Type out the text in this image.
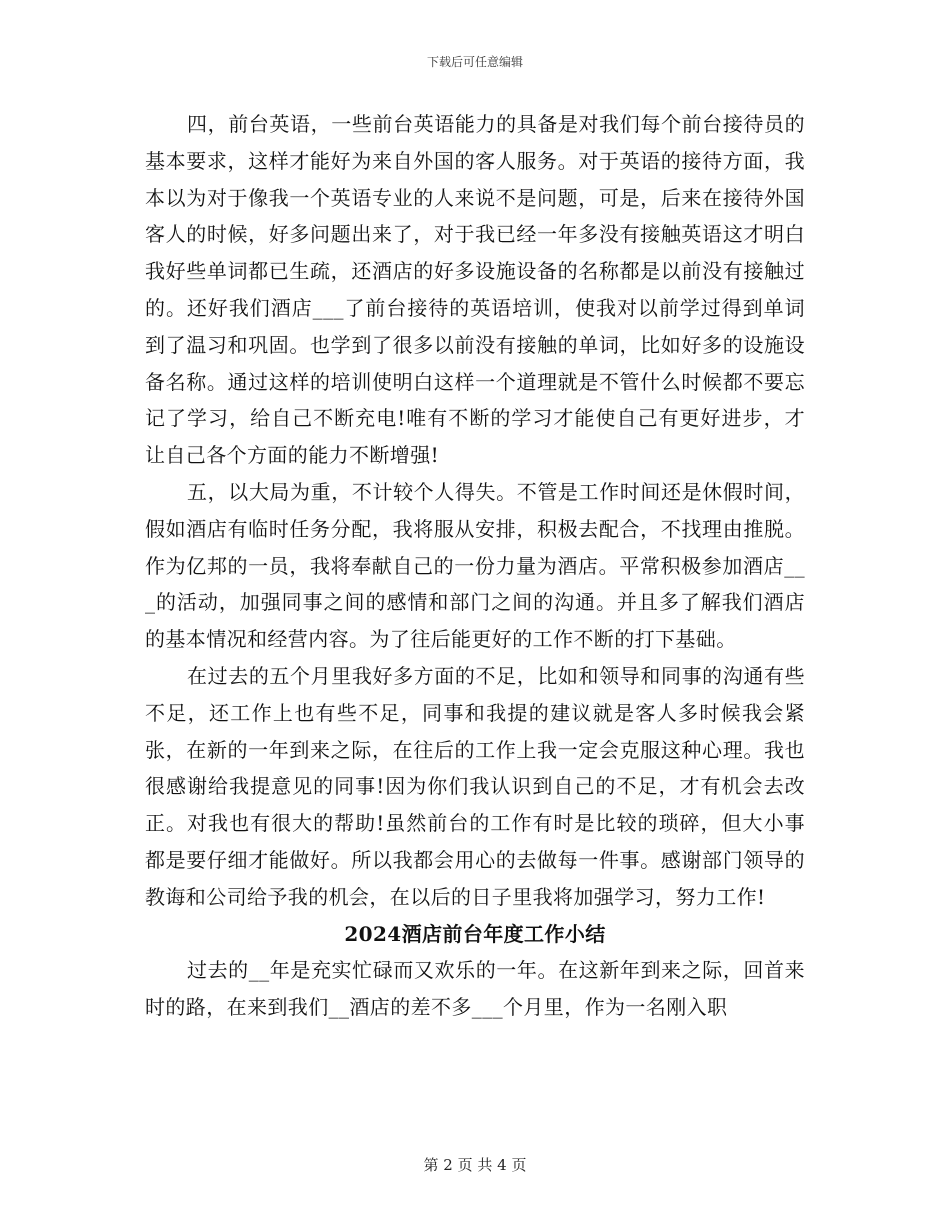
下载后可任意编辑

四，前台英语，一些前台英语能力的具备是对我们每个前台接待员的基本要求，这样才能好为来自外国的客人服务。对于英语的接待方面，我本以为对于像我一个英语专业的人来说不是问题，可是，后来在接待外国客人的时候，好多问题出来了，对于我已经一年多没有接触英语这才明白我好些单词都已生疏，还酒店的好多设施设备的名称都是以前没有接触过的。还好我们酒店___了前台接待的英语培训，使我对以前学过得到单词到了温习和巩固。也学到了很多以前没有接触的单词，比如好多的设施设备名称。通过这样的培训使明白这样一个道理就是不管什么时候都不要忘记了学习，给自己不断充电!唯有不断的学习才能使自己有更好进步，才让自己各个方面的能力不断增强!

五，以大局为重，不计较个人得失。不管是工作时间还是休假时间，假如酒店有临时任务分配，我将服从安排，积极去配合，不找理由推脱。作为亿邦的一员，我将奉献自己的一份力量为酒店。平常积极参加酒店___的活动，加强同事之间的感情和部门之间的沟通。并且多了解我们酒店的基本情况和经营内容。为了往后能更好的工作不断的打下基础。

在过去的五个月里我好多方面的不足，比如和领导和同事的沟通有些不足，还工作上也有些不足，同事和我提的建议就是客人多时候我会紧张，在新的一年到来之际，在往后的工作上我一定会克服这种心理。我也很感谢给我提意见的同事!因为你们我认识到自己的不足，才有机会去改正。对我也有很大的帮助!虽然前台的工作有时是比较的琐碎，但大小事都是要仔细才能做好。所以我都会用心的去做每一件事。感谢部门领导的教诲和公司给予我的机会，在以后的日子里我将加强学习，努力工作!

2024酒店前台年度工作小结

过去的__年是充实忙碌而又欢乐的一年。在这新年到来之际，回首来时的路，在来到我们__酒店的差不多___个月里，作为一名刚入职

第 2 页 共 4 页
